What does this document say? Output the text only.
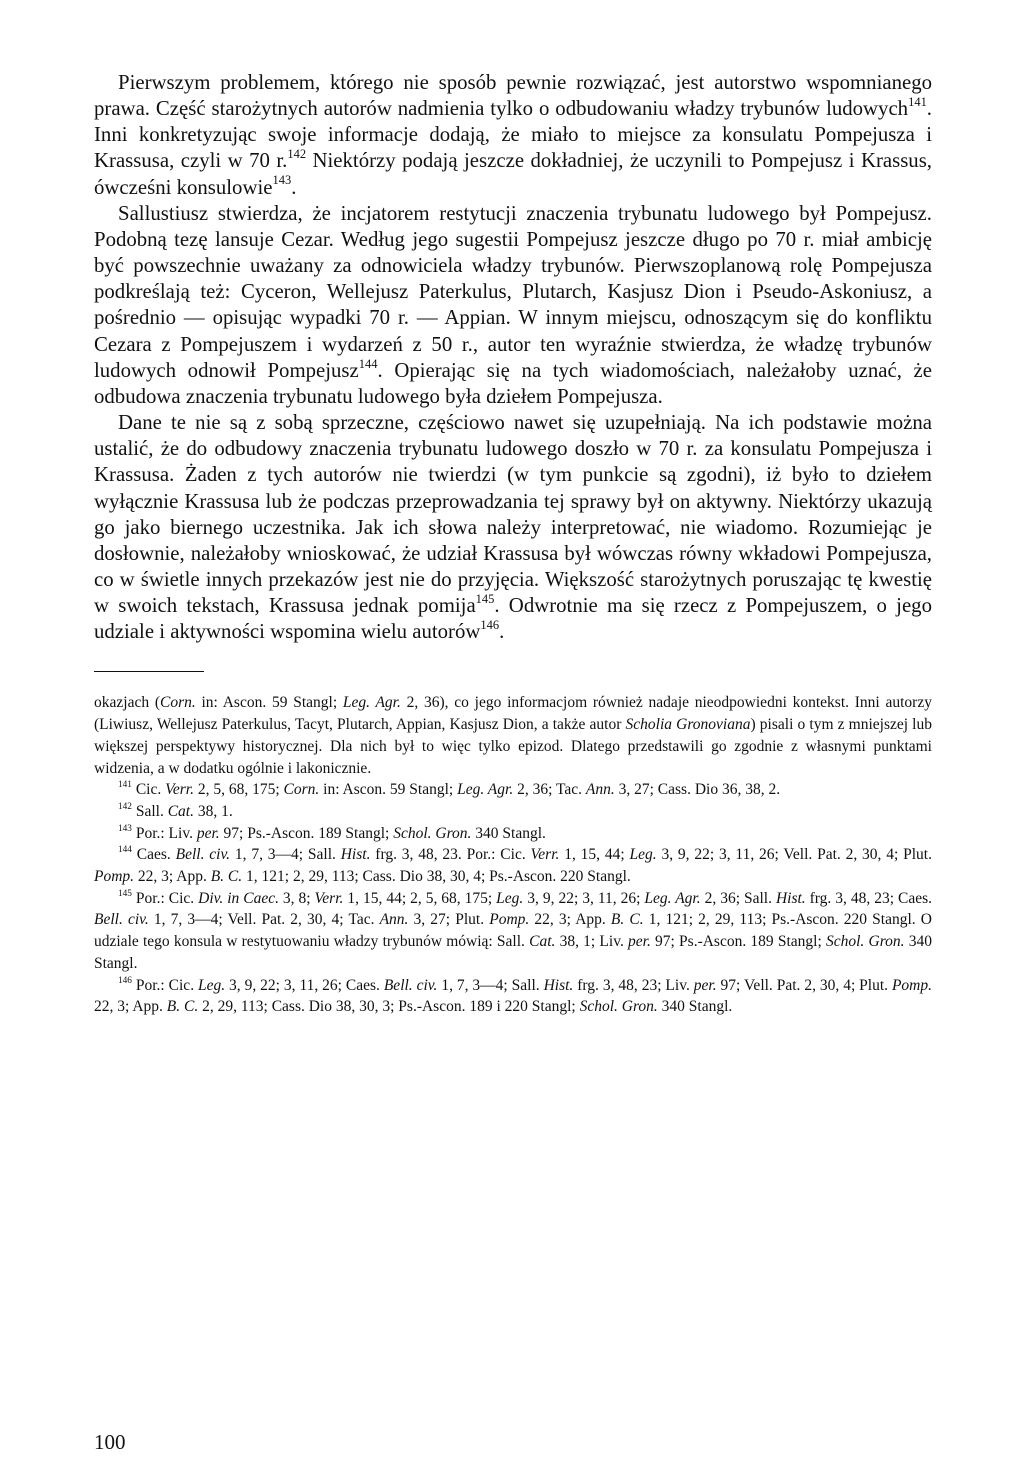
Pierwszym problemem, którego nie sposób pewnie rozwiązać, jest autorstwo wspomnianego prawa. Część starożytnych autorów nadmienia tylko o odbudowaniu władzy trybunów ludowych$^{141}$. Inni konkretyzując swoje informacje dodają, że miało to miejsce za konsulatu Pompejusza i Krassusa, czyli w 70 r.$^{142}$ Niektórzy podają jeszcze dokładniej, że uczynili to Pompejusz i Krassus, ówcześni konsulowie$^{143}$.

Sallustiusz stwierdza, że incjatorem restytucji znaczenia trybunatu ludowego był Pompejusz. Podobną tezę lansuje Cezar. Według jego sugestii Pompejusz jeszcze długo po 70 r. miał ambicję być powszechnie uważany za odnowiciela władzy trybunów. Pierwszoplanową rolę Pompejusza podkreślają też: Cyceron, Wellejusz Paterkulus, Plutarch, Kasjusz Dion i Pseudo-Askoniusz, a pośrednio — opisując wypadki 70 r. — Appian. W innym miejscu, odnoszącym się do konfliktu Cezara z Pompejuszem i wydarzeń z 50 r., autor ten wyraźnie stwierdza, że władzę trybunów ludowych odnowił Pompejusz$^{144}$. Opierając się na tych wiadomościach, należałoby uznać, że odbudowa znaczenia trybunatu ludowego była dziełem Pompejusza.

Dane te nie są z sobą sprzeczne, częściowo nawet się uzupełniają. Na ich podstawie można ustalić, że do odbudowy znaczenia trybunatu ludowego doszło w 70 r. za konsulatu Pompejusza i Krassusa. Żaden z tych autorów nie twierdzi (w tym punkcie są zgodni), iż było to dziełem wyłącznie Krassusa lub że podczas przeprowadzania tej sprawy był on aktywny. Niektórzy ukazują go jako biernego uczestnika. Jak ich słowa należy interpretować, nie wiadomo. Rozumiejąc je dosłownie, należałoby wnioskować, że udział Krassusa był wówczas równy wkładowi Pompejusza, co w świetle innych przekazów jest nie do przyjęcia. Większość starożytnych poruszając tę kwestię w swoich tekstach, Krassusa jednak pomija$^{145}$. Odwrotnie ma się rzecz z Pompejuszem, o jego udziale i aktywności wspomina wielu autorów$^{146}$.

okazjach (Corn. in: Ascon. 59 Stangl; Leg. Agr. 2, 36), co jego informacjom również nadaje nieodpowiedni kontekst. Inni autorzy (Liwiusz, Wellejusz Paterkulus, Tacyt, Plutarch, Appian, Kasjusz Dion, a także autor Scholia Gronoviana) pisali o tym z mniejszej lub większej perspektywy historycznej. Dla nich był to więc tylko epizod. Dlatego przedstawili go zgodnie z własnymi punktami widzenia, a w dodatku ogólnie i lakonicznie.

$^{141}$ Cic. Verr. 2, 5, 68, 175; Corn. in: Ascon. 59 Stangl; Leg. Agr. 2, 36; Tac. Ann. 3, 27; Cass. Dio 36, 38, 2.

$^{142}$ Sall. Cat. 38, 1.

$^{143}$ Por.: Liv. per. 97; Ps.-Ascon. 189 Stangl; Schol. Gron. 340 Stangl.

$^{144}$ Caes. Bell. civ. 1, 7, 3—4; Sall. Hist. frg. 3, 48, 23. Por.: Cic. Verr. 1, 15, 44; Leg. 3, 9, 22; 3, 11, 26; Vell. Pat. 2, 30, 4; Plut. Pomp. 22, 3; App. B. C. 1, 121; 2, 29, 113; Cass. Dio 38, 30, 4; Ps.-Ascon. 220 Stangl.

$^{145}$ Por.: Cic. Div. in Caec. 3, 8; Verr. 1, 15, 44; 2, 5, 68, 175; Leg. 3, 9, 22; 3, 11, 26; Leg. Agr. 2, 36; Sall. Hist. frg. 3, 48, 23; Caes. Bell. civ. 1, 7, 3—4; Vell. Pat. 2, 30, 4; Tac. Ann. 3, 27; Plut. Pomp. 22, 3; App. B. C. 1, 121; 2, 29, 113; Ps.-Ascon. 220 Stangl. O udziale tego konsula w restytuowaniu władzy trybunów mówią: Sall. Cat. 38, 1; Liv. per. 97; Ps.-Ascon. 189 Stangl; Schol. Gron. 340 Stangl.

$^{146}$ Por.: Cic. Leg. 3, 9, 22; 3, 11, 26; Caes. Bell. civ. 1, 7, 3—4; Sall. Hist. frg. 3, 48, 23; Liv. per. 97; Vell. Pat. 2, 30, 4; Plut. Pomp. 22, 3; App. B. C. 2, 29, 113; Cass. Dio 38, 30, 3; Ps.-Ascon. 189 i 220 Stangl; Schol. Gron. 340 Stangl.

100
